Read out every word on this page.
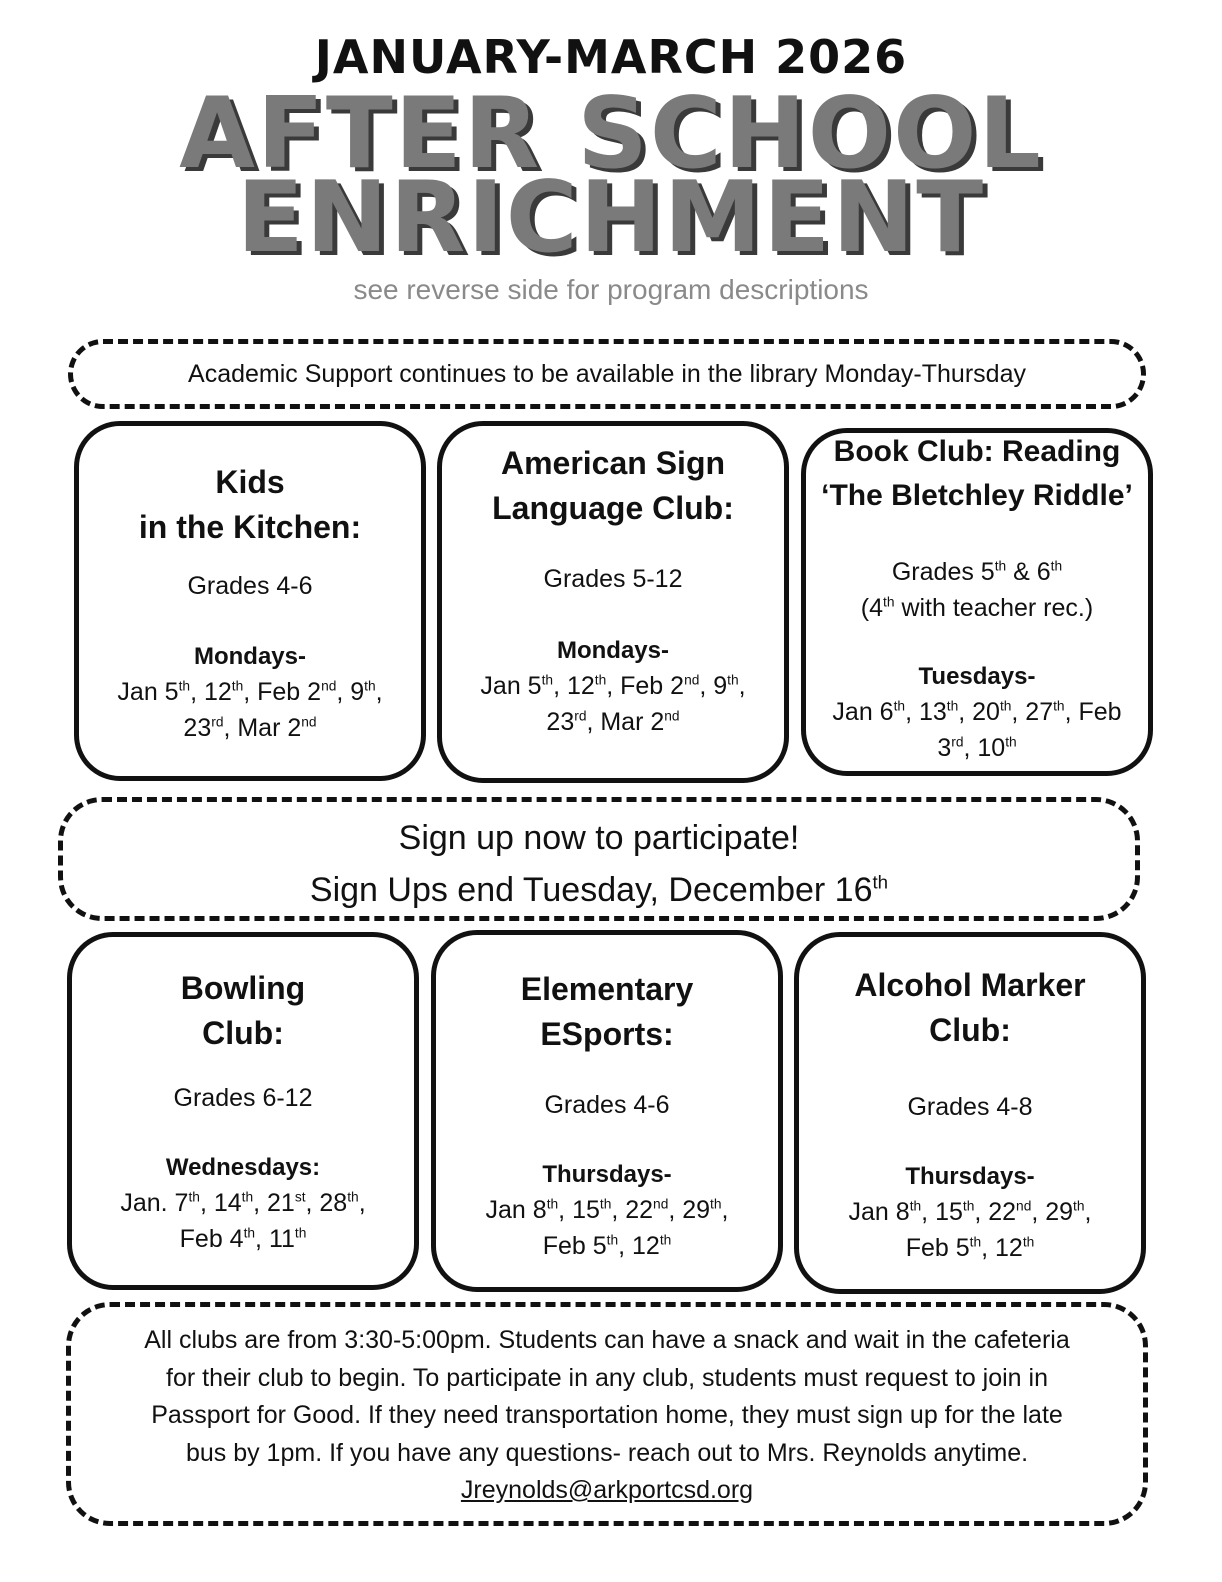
JANUARY-MARCH 2026
AFTER SCHOOL
ENRICHMENT
see reverse side for program descriptions
Academic Support continues to be available in the library Monday-Thursday
Kids
in the Kitchen:
Grades 4-6
Mondays-
Jan 5th, 12th, Feb 2nd, 9th,
23rd, Mar 2nd
American Sign
Language Club:
Grades 5-12
Mondays-
Jan 5th, 12th, Feb 2nd, 9th,
23rd, Mar 2nd
Book Club: Reading
‘The Bletchley Riddle’
Grades 5th & 6th
(4th with teacher rec.)
Tuesdays-
Jan 6th, 13th, 20th, 27th, Feb
3rd, 10th
Sign up now to participate!
Sign Ups end Tuesday, December 16th
Bowling
Club:
Grades 6-12
Wednesdays:
Jan. 7th, 14th, 21st, 28th,
Feb 4th, 11th
Elementary
ESports:
Grades 4-6
Thursdays-
Jan 8th, 15th, 22nd, 29th,
Feb 5th, 12th
Alcohol Marker
Club:
Grades 4-8
Thursdays-
Jan 8th, 15th, 22nd, 29th,
Feb 5th, 12th
All clubs are from 3:30-5:00pm. Students can have a snack and wait in the cafeteria
for their club to begin. To participate in any club, students must request to join in
Passport for Good. If they need transportation home, they must sign up for the late
bus by 1pm. If you have any questions- reach out to Mrs. Reynolds anytime.
Jreynolds@arkportcsd.org
